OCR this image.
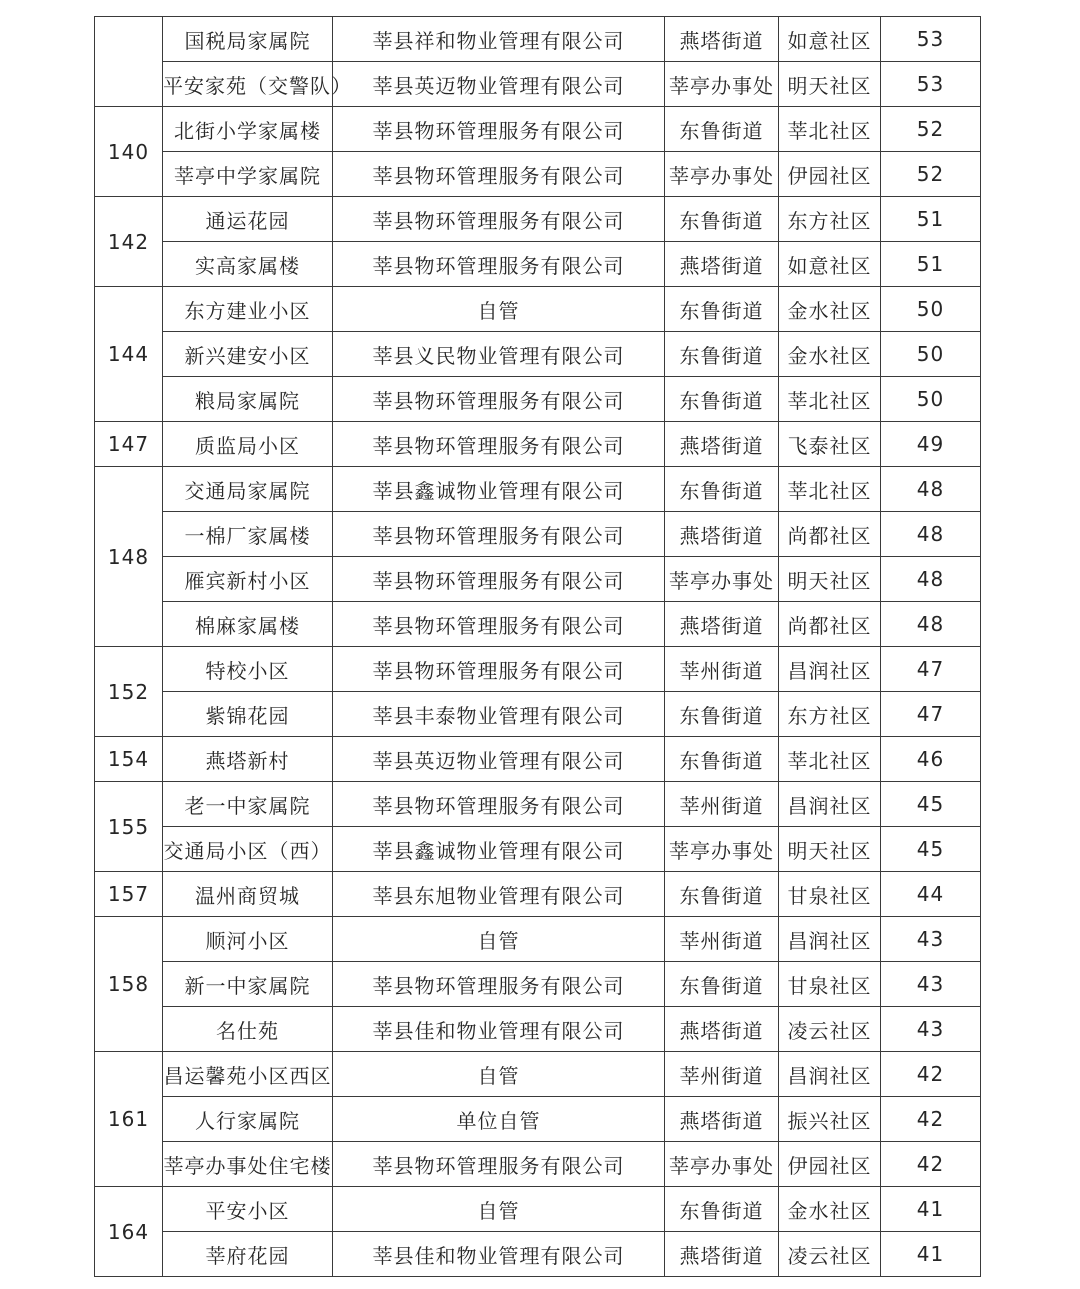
	国税局家属院	莘县祥和物业管理有限公司	燕塔街道	如意社区	53
	平安家苑（交警队）	莘县英迈物业管理有限公司	莘亭办事处	明天社区	53
140	北街小学家属楼	莘县物环管理服务有限公司	东鲁街道	莘北社区	52
	莘亭中学家属院	莘县物环管理服务有限公司	莘亭办事处	伊园社区	52
142	通运花园	莘县物环管理服务有限公司	东鲁街道	东方社区	51
	实高家属楼	莘县物环管理服务有限公司	燕塔街道	如意社区	51
144	东方建业小区	自管	东鲁街道	金水社区	50
	新兴建安小区	莘县义民物业管理有限公司	东鲁街道	金水社区	50
	粮局家属院	莘县物环管理服务有限公司	东鲁街道	莘北社区	50
147	质监局小区	莘县物环管理服务有限公司	燕塔街道	飞泰社区	49
148	交通局家属院	莘县鑫诚物业管理有限公司	东鲁街道	莘北社区	48
	一棉厂家属楼	莘县物环管理服务有限公司	燕塔街道	尚都社区	48
	雁宾新村小区	莘县物环管理服务有限公司	莘亭办事处	明天社区	48
	棉麻家属楼	莘县物环管理服务有限公司	燕塔街道	尚都社区	48
152	特校小区	莘县物环管理服务有限公司	莘州街道	昌润社区	47
	紫锦花园	莘县丰泰物业管理有限公司	东鲁街道	东方社区	47
154	燕塔新村	莘县英迈物业管理有限公司	东鲁街道	莘北社区	46
155	老一中家属院	莘县物环管理服务有限公司	莘州街道	昌润社区	45
	交通局小区（西）	莘县鑫诚物业管理有限公司	莘亭办事处	明天社区	45
157	温州商贸城	莘县东旭物业管理有限公司	东鲁街道	甘泉社区	44
158	顺河小区	自管	莘州街道	昌润社区	43
	新一中家属院	莘县物环管理服务有限公司	东鲁街道	甘泉社区	43
	名仕苑	莘县佳和物业管理有限公司	燕塔街道	凌云社区	43
161	昌运馨苑小区西区	自管	莘州街道	昌润社区	42
	人行家属院	单位自管	燕塔街道	振兴社区	42
	莘亭办事处住宅楼	莘县物环管理服务有限公司	莘亭办事处	伊园社区	42
164	平安小区	自管	东鲁街道	金水社区	41
	莘府花园	莘县佳和物业管理有限公司	燕塔街道	凌云社区	41
